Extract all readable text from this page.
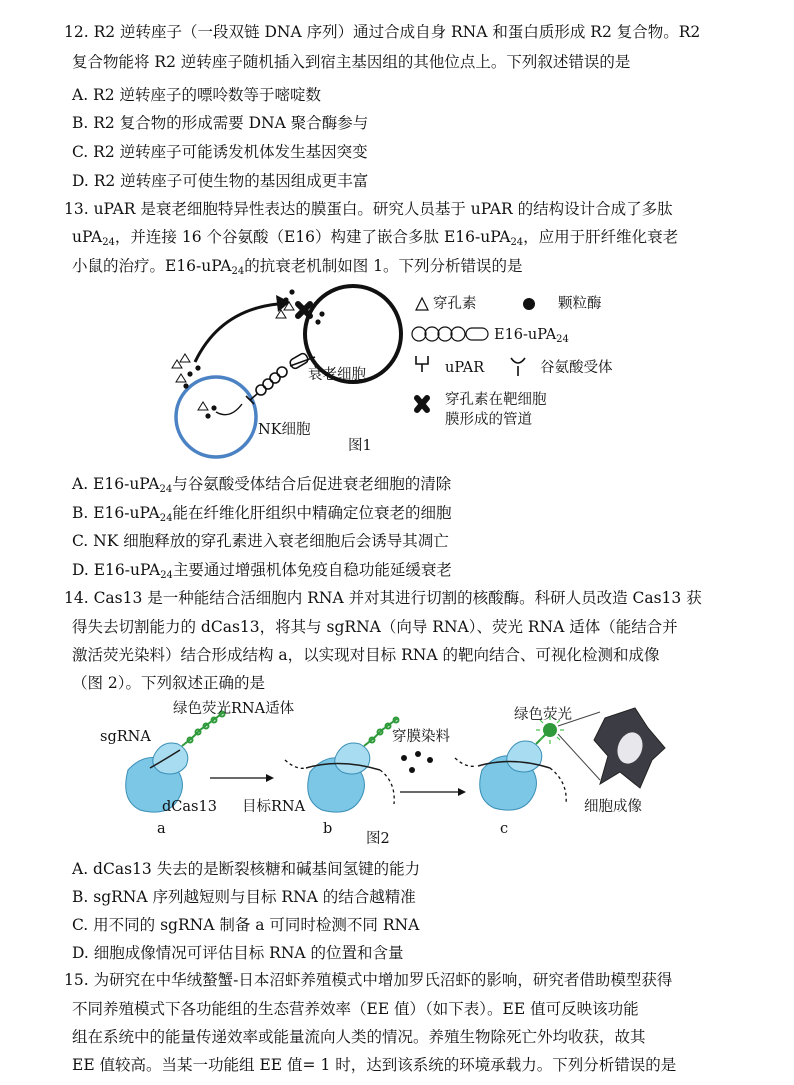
12. R2 逆转座子（一段双链 DNA 序列）通过合成自身 RNA 和蛋白质形成 R2 复合物。R2
复合物能将 R2 逆转座子随机插入到宿主基因组的其他位点上。下列叙述错误的是
A. R2 逆转座子的嘌呤数等于嘧啶数
B. R2 复合物的形成需要 DNA 聚合酶参与
C. R2 逆转座子可能诱发机体发生基因突变
D. R2 逆转座子可使生物的基因组成更丰富
13. uPAR 是衰老细胞特异性表达的膜蛋白。研究人员基于 uPAR 的结构设计合成了多肽
uPA$_{24}$，并连接 16 个谷氨酸（E16）构建了嵌合多肽 E16-uPA$_{24}$，应用于肝纤维化衰老
小鼠的治疗。E16-uPA$_{24}$的抗衰老机制如图 1。下列分析错误的是
衰老细胞
NK细胞
图1
穿孔素	颗粒酶
E16-uPA$_{24}$
uPAR	谷氨酸受体
穿孔素在靶细胞
膜形成的管道
A. E16-uPA$_{24}$与谷氨酸受体结合后促进衰老细胞的清除
B. E16-uPA$_{24}$能在纤维化肝组织中精确定位衰老的细胞
C. NK 细胞释放的穿孔素进入衰老细胞后会诱导其凋亡
D. E16-uPA$_{24}$主要通过增强机体免疫自稳功能延缓衰老
14. Cas13 是一种能结合活细胞内 RNA 并对其进行切割的核酸酶。科研人员改造 Cas13 获
得失去切割能力的 dCas13，将其与 sgRNA（向导 RNA）、荧光 RNA 适体（能结合并
激活荧光染料）结合形成结构 a，以实现对目标 RNA 的靶向结合、可视化检测和成像
（图 2）。下列叙述正确的是
绿色荧光RNA适体
sgRNA
dCas13 目标RNA
穿膜染料
绿色荧光
细胞成像
a	b	c
图2
A. dCas13 失去的是断裂核糖和碱基间氢键的能力
B. sgRNA 序列越短则与目标 RNA 的结合越精准
C. 用不同的 sgRNA 制备 a 可同时检测不同 RNA
D. 细胞成像情况可评估目标 RNA 的位置和含量
15. 为研究在中华绒螯蟹-日本沼虾养殖模式中增加罗氏沼虾的影响，研究者借助模型获得
不同养殖模式下各功能组的生态营养效率（EE 值）（如下表）。EE 值可反映该功能
组在系统中的能量传递效率或能量流向人类的情况。养殖生物除死亡外均收获，故其
EE 值较高。当某一功能组 EE 值= 1 时，达到该系统的环境承载力。下列分析错误的是
